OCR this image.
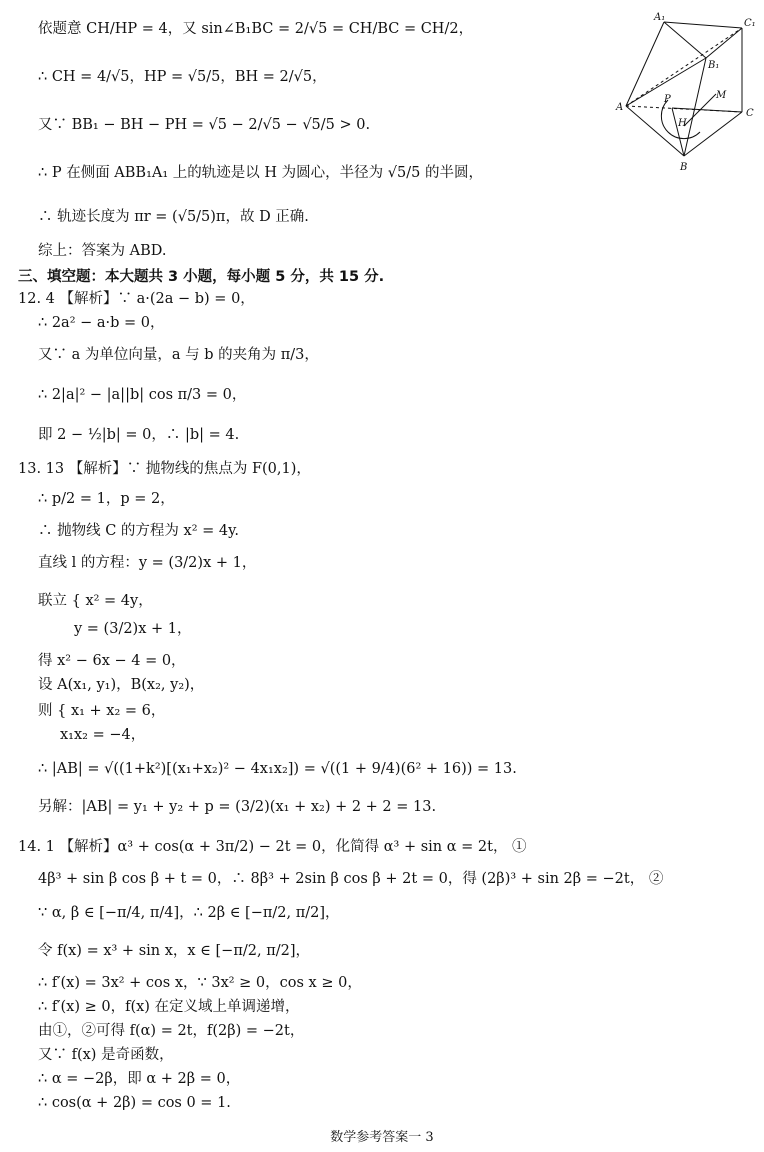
依题意 CH/HP = 4，又 sin∠B₁BC = 2/√5 = CH/BC = CH/2，
∴ CH = 4/√5，HP = √5/5，BH = 2/√5，
又∵ BB₁ − BH − PH = √5 − 2/√5 − √5/5 > 0.
∴ P 在侧面 ABB₁A₁ 上的轨迹是以 H 为圆心，半径为 √5/5 的半圆，
∴ 轨迹长度为 πr = (√5/5)π，故 D 正确.
综上：答案为 ABD.
A₁
C₁
B₁
A
P	M
C
H
B
三、填空题：本大题共 3 小题，每小题 5 分，共 15 分.
12. 4 【解析】∵ a·(2a − b) = 0，
∴ 2a² − a·b = 0，
又∵ a 为单位向量，a 与 b 的夹角为 π/3，
∴ 2|a|² − |a||b| cos π/3 = 0，
即 2 − ½|b| = 0，∴ |b| = 4.
13. 13 【解析】∵ 抛物线的焦点为 F(0,1)，
∴ p/2 = 1，p = 2，
∴ 抛物线 C 的方程为 x² = 4y.
直线 l 的方程：y = (3/2)x + 1，
联立 { x² = 4y，
y = (3/2)x + 1，
得 x² − 6x − 4 = 0，
设 A(x₁, y₁)，B(x₂, y₂)，
则 { x₁ + x₂ = 6，
x₁x₂ = −4，
∴ |AB| = √((1+k²)[(x₁+x₂)² − 4x₁x₂]) = √((1 + 9/4)(6² + 16)) = 13.
另解：|AB| = y₁ + y₂ + p = (3/2)(x₁ + x₂) + 2 + 2 = 13.
14. 1 【解析】α³ + cos(α + 3π/2) − 2t = 0，化简得 α³ + sin α = 2t， ①
4β³ + sin β cos β + t = 0，∴ 8β³ + 2sin β cos β + 2t = 0，得 (2β)³ + sin 2β = −2t， ②
∵ α, β ∈ [−π/4, π/4]，∴ 2β ∈ [−π/2, π/2]，
令 f(x) = x³ + sin x，x ∈ [−π/2, π/2]，
∴ f′(x) = 3x² + cos x，∵ 3x² ≥ 0，cos x ≥ 0，
∴ f′(x) ≥ 0，f(x) 在定义域上单调递增，
由①，②可得 f(α) = 2t，f(2β) = −2t，
又∵ f(x) 是奇函数，
∴ α = −2β，即 α + 2β = 0，
∴ cos(α + 2β) = cos 0 = 1.
数学参考答案一 3
